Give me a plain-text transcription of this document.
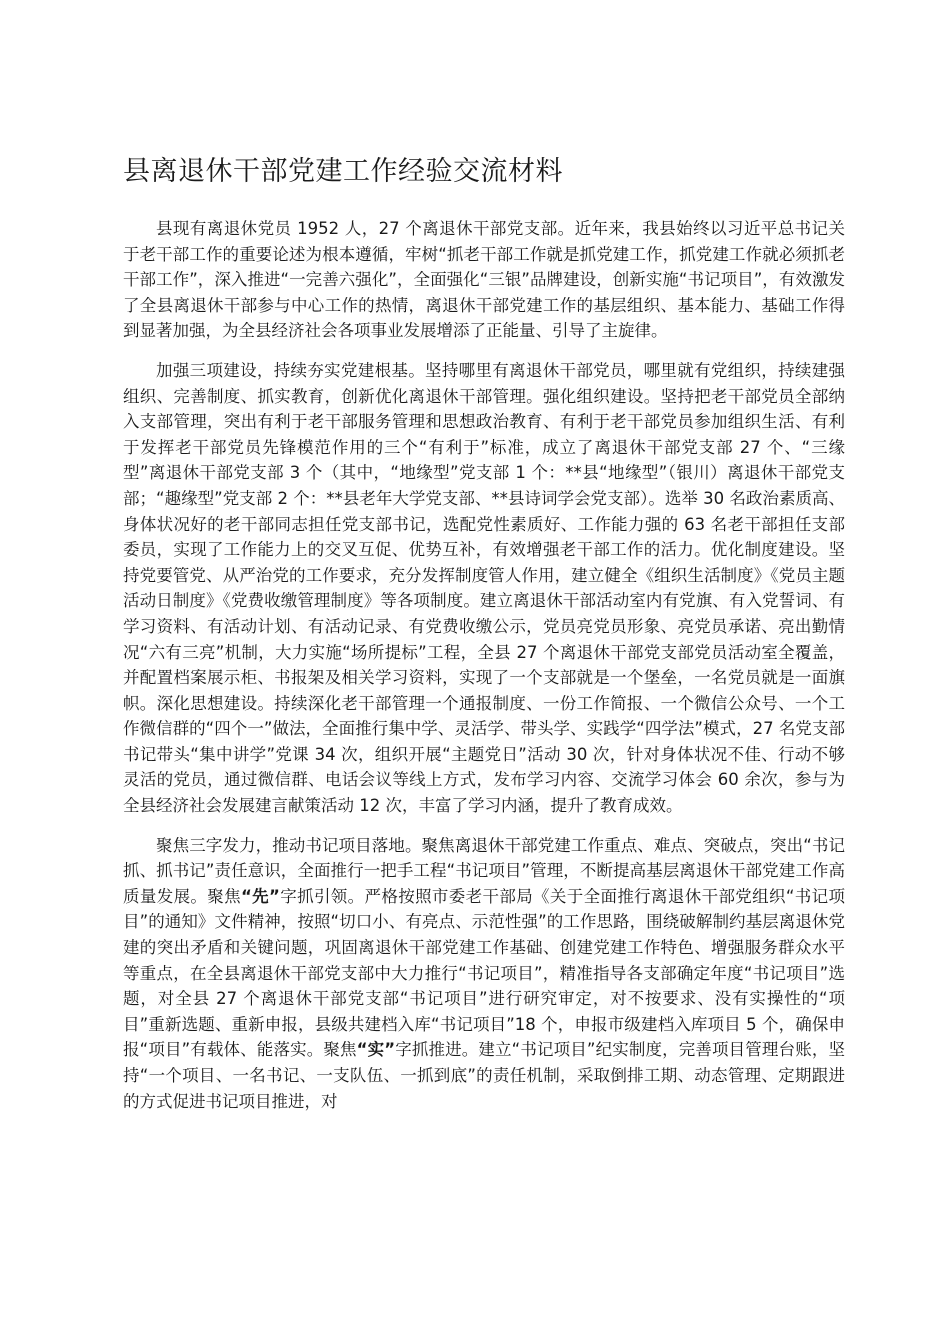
县离退休干部党建工作经验交流材料

县现有离退休党员 1952 人，27 个离退休干部党支部。近年来，我县始终以习近平总书记关于老干部工作的重要论述为根本遵循，牢树“抓老干部工作就是抓党建工作，抓党建工作就必须抓老干部工作”，深入推进“一完善六强化”，全面强化“三银”品牌建设，创新实施“书记项目”，有效激发了全县离退休干部参与中心工作的热情，离退休干部党建工作的基层组织、基本能力、基础工作得到显著加强，为全县经济社会各项事业发展增添了正能量、引导了主旋律。

加强三项建设，持续夯实党建根基。坚持哪里有离退休干部党员，哪里就有党组织，持续建强组织、完善制度、抓实教育，创新优化离退休干部管理。强化组织建设。坚持把老干部党员全部纳入支部管理，突出有利于老干部服务管理和思想政治教育、有利于老干部党员参加组织生活、有利于发挥老干部党员先锋模范作用的三个“有利于”标准，成立了离退休干部党支部 27 个、“三缘型”离退休干部党支部 3 个（其中，“地缘型”党支部 1 个：**县“地缘型”（银川）离退休干部党支部；“趣缘型”党支部 2 个：**县老年大学党支部、**县诗词学会党支部）。选举 30 名政治素质高、身体状况好的老干部同志担任党支部书记，选配党性素质好、工作能力强的 63 名老干部担任支部委员，实现了工作能力上的交叉互促、优势互补，有效增强老干部工作的活力。优化制度建设。坚持党要管党、从严治党的工作要求，充分发挥制度管人作用，建立健全《组织生活制度》《党员主题活动日制度》《党费收缴管理制度》等各项制度。建立离退休干部活动室内有党旗、有入党誓词、有学习资料、有活动计划、有活动记录、有党费收缴公示，党员亮党员形象、亮党员承诺、亮出勤情况“六有三亮”机制，大力实施“场所提标”工程，全县 27 个离退休干部党支部党员活动室全覆盖，并配置档案展示柜、书报架及相关学习资料，实现了一个支部就是一个堡垒，一名党员就是一面旗帜。深化思想建设。持续深化老干部管理一个通报制度、一份工作简报、一个微信公众号、一个工作微信群的“四个一”做法，全面推行集中学、灵活学、带头学、实践学“四学法”模式，27 名党支部书记带头“集中讲学”党课 34 次，组织开展“主题党日”活动 30 次，针对身体状况不佳、行动不够灵活的党员，通过微信群、电话会议等线上方式，发布学习内容、交流学习体会 60 余次，参与为全县经济社会发展建言献策活动 12 次，丰富了学习内涵，提升了教育成效。

聚焦三字发力，推动书记项目落地。聚焦离退休干部党建工作重点、难点、突破点，突出“书记抓、抓书记”责任意识，全面推行一把手工程“书记项目”管理，不断提高基层离退休干部党建工作高质量发展。聚焦“先”字抓引领。严格按照市委老干部局《关于全面推行离退休干部党组织“书记项目”的通知》文件精神，按照“切口小、有亮点、示范性强”的工作思路，围绕破解制约基层离退休党建的突出矛盾和关键问题，巩固离退休干部党建工作基础、创建党建工作特色、增强服务群众水平等重点，在全县离退休干部党支部中大力推行“书记项目”，精准指导各支部确定年度“书记项目”选题，对全县 27 个离退休干部党支部“书记项目”进行研究审定，对不按要求、没有实操性的“项目”重新选题、重新申报，县级共建档入库“书记项目”18 个，申报市级建档入库项目 5 个，确保申报“项目”有载体、能落实。聚焦“实”字抓推进。建立“书记项目”纪实制度，完善项目管理台账，坚持“一个项目、一名书记、一支队伍、一抓到底”的责任机制，采取倒排工期、动态管理、定期跟进的方式促进书记项目推进，对
